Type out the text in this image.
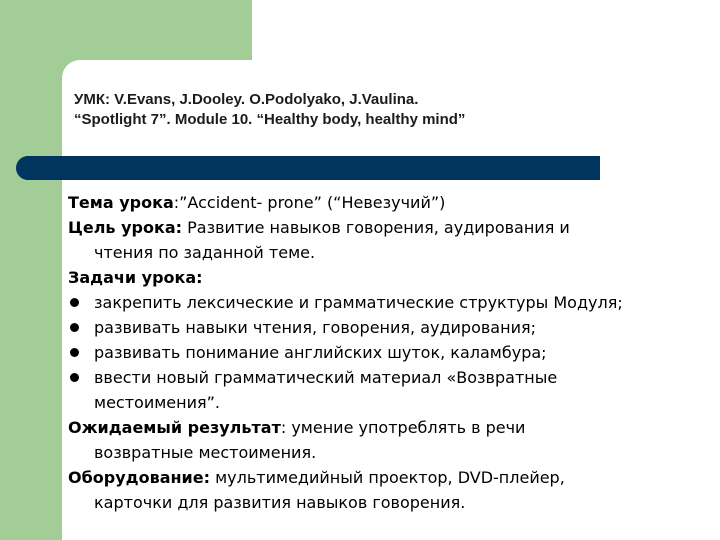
УМК: V.Evans, J.Dooley. O.Podolyako, J.Vaulina.
“Spotlight 7”. Module 10. “Healthy body, healthy mind”
Тема урока:”Accident- prone” (“Невезучий”)
Цель урока: Развитие навыков говорения, аудирования и
чтения по заданной теме.
Задачи урока:
закрепить лексические и грамматические структуры Модуля;
развивать навыки чтения, говорения, аудирования;
развивать понимание английских шуток, каламбура;
ввести новый грамматический материал «Возвратные
местоимения”.
Ожидаемый результат: умение употреблять в речи
возвратные местоимения.
Оборудование: мультимедийный проектор, DVD-плейер,
карточки для развития навыков говорения.
